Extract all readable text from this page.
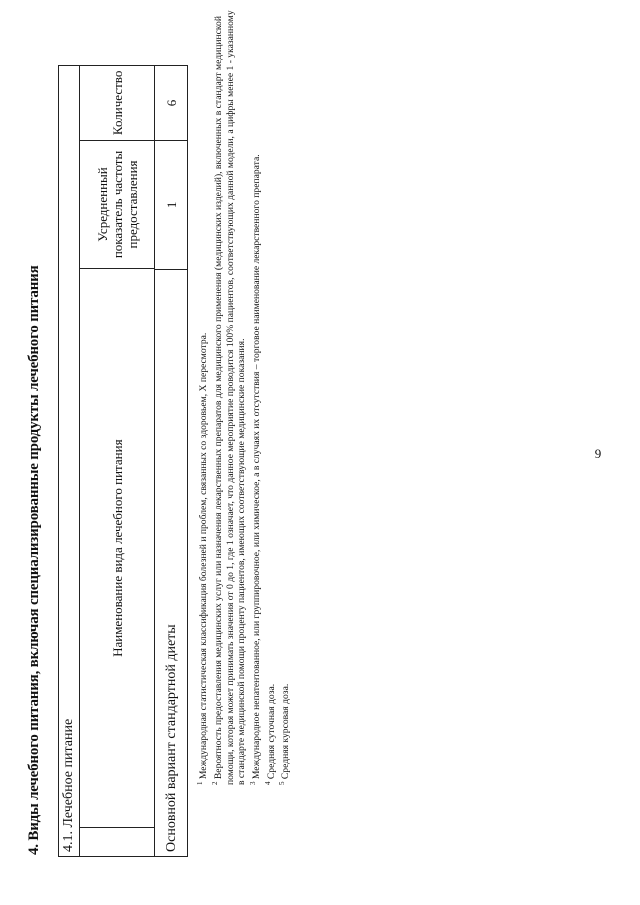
9
4. Виды лечебного питания, включая специализированные продукты лечебного питания 4.1. Лечебное питание
Наименование вида лечебного питания
Усредненный показатель частоты предоставления
Количество
Основной вариант стандартной диеты
1
6

$^1$ Международная статистическая классификация болезней и проблем, связанных со здоровьем, X пересмотра.

$^2$ Вероятность предоставления медицинских услуг или назначения лекарственных препаратов для медицинского применения (медицинских изделий), включенных в стандарт медицинской помощи, которая может принимать значения от 0 до 1, где 1 означает, что данное мероприятие проводится 100% пациентов, соответствующих данной модели, а цифры менее 1 - указанному в стандарте медицинской помощи проценту пациентов, имеющих соответствующие медицинские показания. $^3$ Международное непатентованное, или группировочное, или химическое, а в случаях их отсутствия – торговое наименование лекарственного препарата.

$^4$ Средняя суточная доза.

$^5$ Средняя курсовая доза.
